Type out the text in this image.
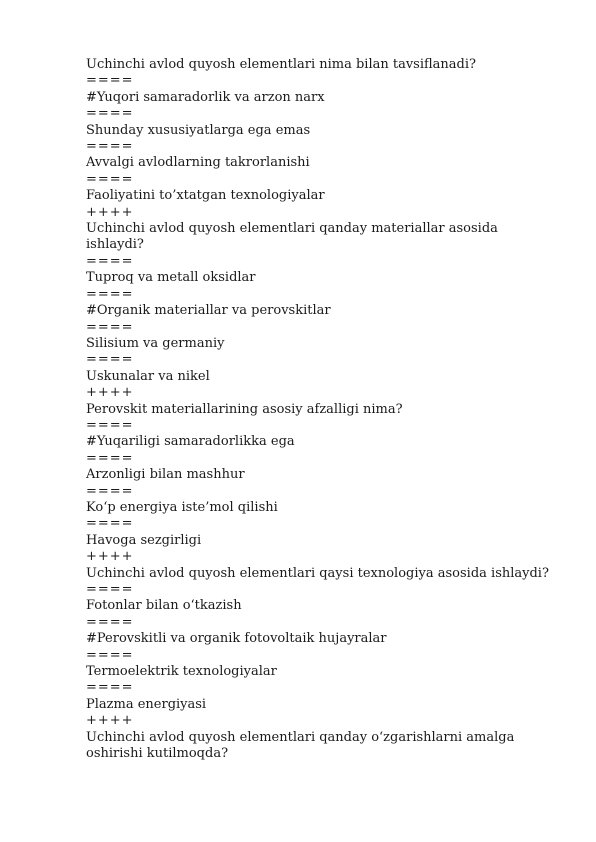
Uchinchi avlod quyosh elementlari nima bilan tavsiflanadi?

====

#Yuqori samaradorlik va arzon narx

====

Shunday xususiyatlarga ega emas

====

Avvalgi avlodlarning takrorlanishi

====

Faoliyatini to’xtatgan texnologiyalar

++++

Uchinchi avlod quyosh elementlari qanday materiallar asosida ishlaydi?

====

Tuproq va metall oksidlar

====

#Organik materiallar va perovskitlar

====

Silisium va germaniy

====

Uskunalar va nikel

++++

Perovskit materiallarining asosiy afzalligi nima?

====

#Yuqariligi samaradorlikka ega

====

Arzonligi bilan mashhur

====

Ko‘p energiya iste’mol qilishi

====

Havoga sezgirligi

++++

Uchinchi avlod quyosh elementlari qaysi texnologiya asosida ishlaydi?

====

Fotonlar bilan o‘tkazish

====

#Perovskitli va organik fotovoltaik hujayralar

====

Termoelektrik texnologiyalar

====

Plazma energiyasi

++++

Uchinchi avlod quyosh elementlari qanday o‘zgarishlarni amalga oshirishi kutilmoqda?
